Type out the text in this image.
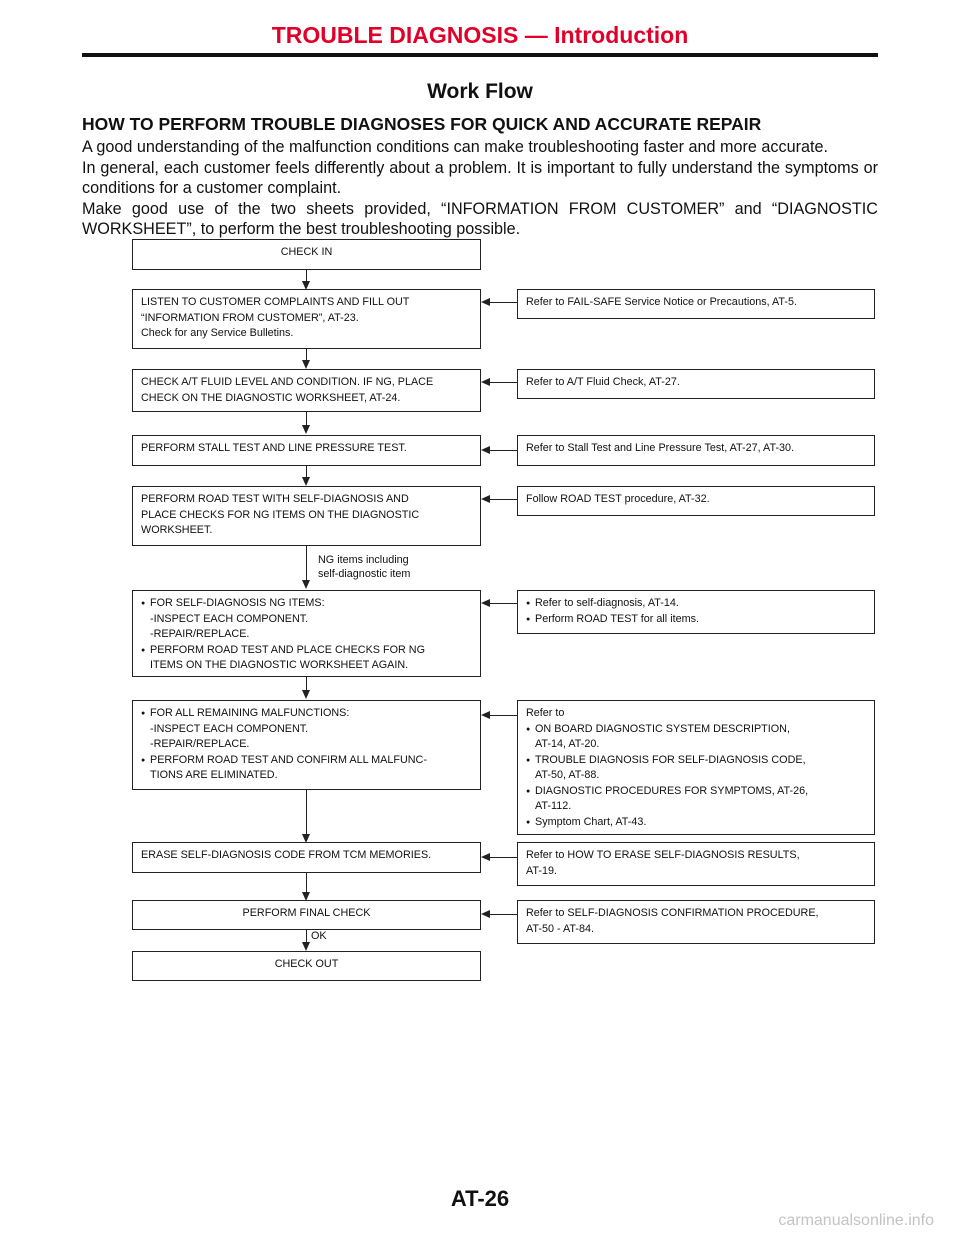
TROUBLE DIAGNOSIS — Introduction
Work Flow
HOW TO PERFORM TROUBLE DIAGNOSES FOR QUICK AND ACCURATE REPAIR

A good understanding of the malfunction conditions can make troubleshooting faster and more accurate.

In general, each customer feels differently about a problem. It is important to fully understand the symptoms or conditions for a customer complaint.

Make good use of the two sheets provided, “INFORMATION FROM CUSTOMER” and “DIAGNOSTIC WORKSHEET”, to perform the best troubleshooting possible.

CHECK IN
LISTEN TO CUSTOMER COMPLAINTS AND FILL OUT
“INFORMATION FROM CUSTOMER”, AT-23.
Check for any Service Bulletins.
Refer to FAIL-SAFE Service Notice or Precautions, AT-5.
CHECK A/T FLUID LEVEL AND CONDITION. IF NG, PLACE
CHECK ON THE DIAGNOSTIC WORKSHEET, AT-24.
Refer to A/T Fluid Check, AT-27.
PERFORM STALL TEST AND LINE PRESSURE TEST.	Refer to Stall Test and Line Pressure Test, AT-27, AT-30.
PERFORM ROAD TEST WITH SELF-DIAGNOSIS AND
PLACE CHECKS FOR NG ITEMS ON THE DIAGNOSTIC
WORKSHEET.
Follow ROAD TEST procedure, AT-32.
NG items including
self-diagnostic item
● FOR SELF-DIAGNOSIS NG ITEMS:
-INSPECT EACH COMPONENT.
-REPAIR/REPLACE.
● PERFORM ROAD TEST AND PLACE CHECKS FOR NG
ITEMS ON THE DIAGNOSTIC WORKSHEET AGAIN.
● Refer to self-diagnosis, AT-14.
● Perform ROAD TEST for all items.
● FOR ALL REMAINING MALFUNCTIONS:
-INSPECT EACH COMPONENT.
-REPAIR/REPLACE.
● PERFORM ROAD TEST AND CONFIRM ALL MALFUNC-
TIONS ARE ELIMINATED.
Refer to
● ON BOARD DIAGNOSTIC SYSTEM DESCRIPTION,
AT-14, AT-20.
● TROUBLE DIAGNOSIS FOR SELF-DIAGNOSIS CODE,
AT-50, AT-88.
● DIAGNOSTIC PROCEDURES FOR SYMPTOMS, AT-26,
AT-112.
● Symptom Chart, AT-43.
ERASE SELF-DIAGNOSIS CODE FROM TCM MEMORIES.	Refer to HOW TO ERASE SELF-DIAGNOSIS RESULTS,
AT-19.
PERFORM FINAL CHECK	Refer to SELF-DIAGNOSIS CONFIRMATION PROCEDURE,
AT-50 - AT-84.
OK
CHECK OUT
AT-26
carmanualsonline.info
